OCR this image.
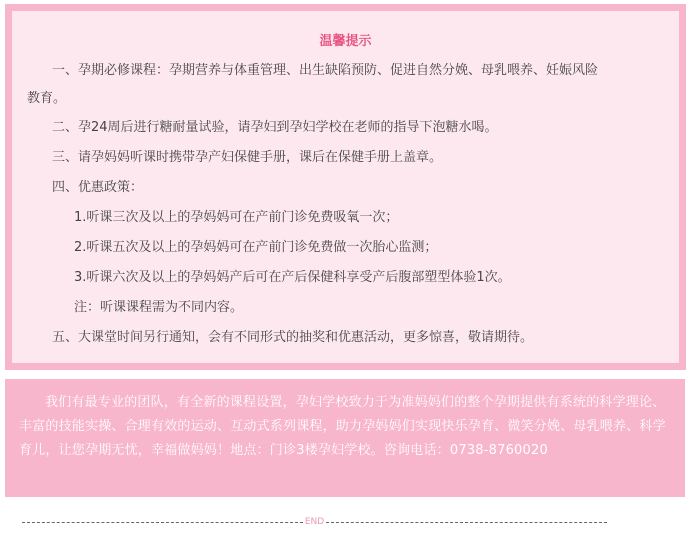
温馨提示
一、孕期必修课程：孕期营养与体重管理、出生缺陷预防、促进自然分娩、母乳喂养、妊娠风险
教育。
二、孕24周后进行糖耐量试验，请孕妇到孕妇学校在老师的指导下泡糖水喝。
三、请孕妈妈听课时携带孕产妇保健手册，课后在保健手册上盖章。
四、优惠政策：
1.听课三次及以上的孕妈妈可在产前门诊免费吸氧一次；
2.听课五次及以上的孕妈妈可在产前门诊免费做一次胎心监测；
3.听课六次及以上的孕妈妈产后可在产后保健科享受产后腹部塑型体验1次。
注：听课课程需为不同内容。
五、大课堂时间另行通知，会有不同形式的抽奖和优惠活动，更多惊喜，敬请期待。

我们有最专业的团队，有全新的课程设置，孕妇学校致力于为准妈妈们的整个孕期提供有系统的科学理论、丰富的技能实操、合理有效的运动、互动式系列课程，助力孕妈妈们实现快乐孕育、微笑分娩、母乳喂养、科学育儿，让您孕期无忧，幸福做妈妈！地点：门诊3楼孕妇学校。咨询电话：0738-8760020

END
